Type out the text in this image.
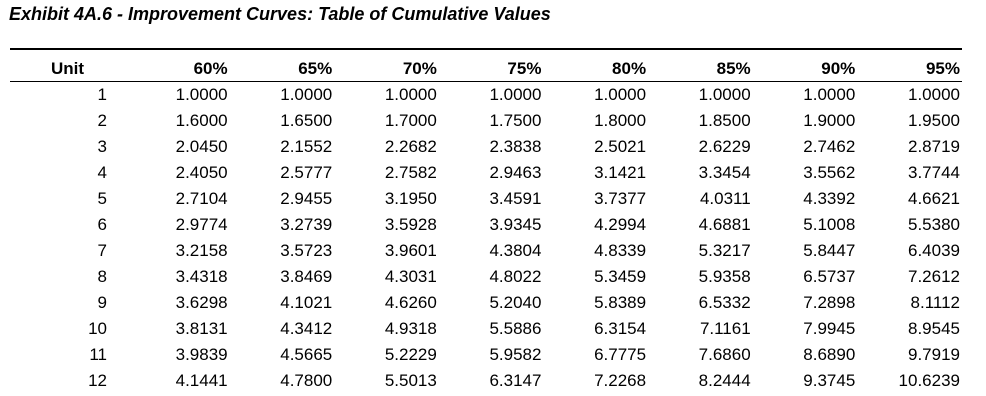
Exhibit 4A.6 - Improvement Curves: Table of Cumulative Values
Unit	60%	65%	70%	75%	80%	85%	90%	95%
1	1.0000	1.0000	1.0000	1.0000	1.0000	1.0000	1.0000	1.0000
2	1.6000	1.6500	1.7000	1.7500	1.8000	1.8500	1.9000	1.9500
3	2.0450	2.1552	2.2682	2.3838	2.5021	2.6229	2.7462	2.8719
4	2.4050	2.5777	2.7582	2.9463	3.1421	3.3454	3.5562	3.7744
5	2.7104	2.9455	3.1950	3.4591	3.7377	4.0311	4.3392	4.6621
6	2.9774	3.2739	3.5928	3.9345	4.2994	4.6881	5.1008	5.5380
7	3.2158	3.5723	3.9601	4.3804	4.8339	5.3217	5.8447	6.4039
8	3.4318	3.8469	4.3031	4.8022	5.3459	5.9358	6.5737	7.2612
9	3.6298	4.1021	4.6260	5.2040	5.8389	6.5332	7.2898	8.1112
10	3.8131	4.3412	4.9318	5.5886	6.3154	7.1161	7.9945	8.9545
11	3.9839	4.5665	5.2229	5.9582	6.7775	7.6860	8.6890	9.7919
12	4.1441	4.7800	5.5013	6.3147	7.2268	8.2444	9.3745	10.6239
